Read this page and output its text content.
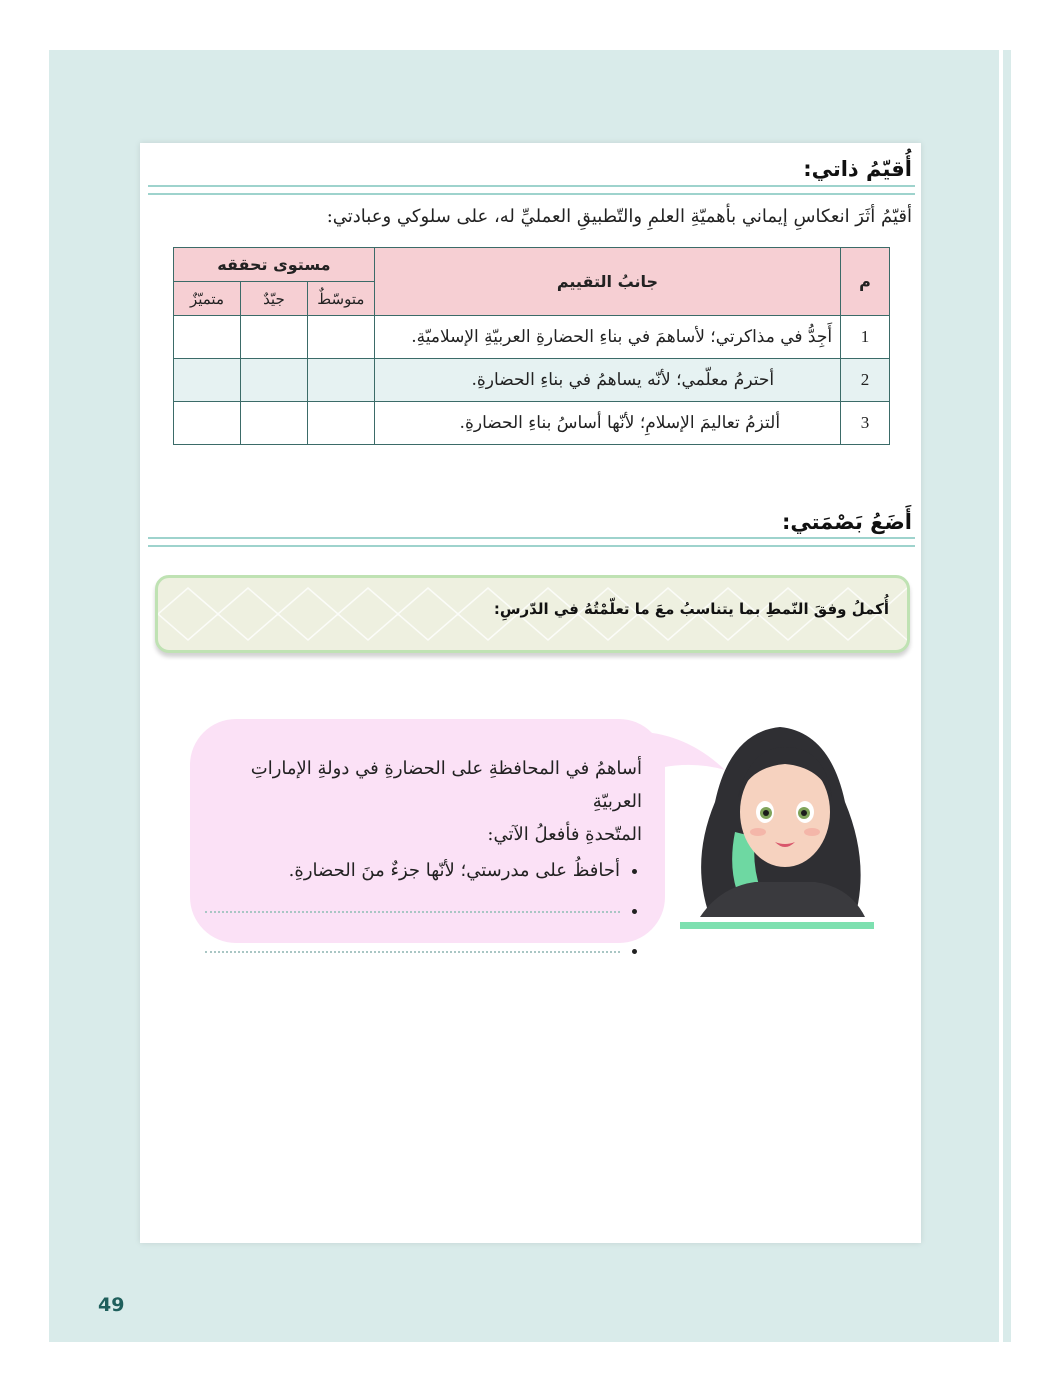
أُقيّمُ ذاتي:
أقيّمُ أثَرَ انعكاسِ إيماني بأهميّةِ العلمِ والتّطبيقِ العمليِّ له، على سلوكي وعبادتي:
م	جانبُ التقييم	مستوى تحققه		
		متوسّطٌ	جيّدٌ	متميّزٌ
1	أَجِدُّ في مذاكرتي؛ لأساهمَ في بناءِ الحضارةِ العربيّةِ الإسلاميّةِ.			
2	أحترمُ معلّمي؛ لأنّه يساهمُ في بناءِ الحضارةِ.			
3	ألتزمُ تعاليمَ الإسلامِ؛ لأنّها أساسُ بناءِ الحضارةِ.			
أَضَعُ بَصْمَتي:
أُكملُ وفقَ النّمطِ بما يتناسبُ معَ ما تعلّمْتُهُ في الدّرسِ:
أساهمُ في المحافظةِ على الحضارةِ في دولةِ الإماراتِ العربيّةِ
المتّحدةِ فأفعلُ الآتي:
• أحافظُ على مدرستي؛ لأنّها جزءٌ منَ الحضارةِ.
•
•
49
